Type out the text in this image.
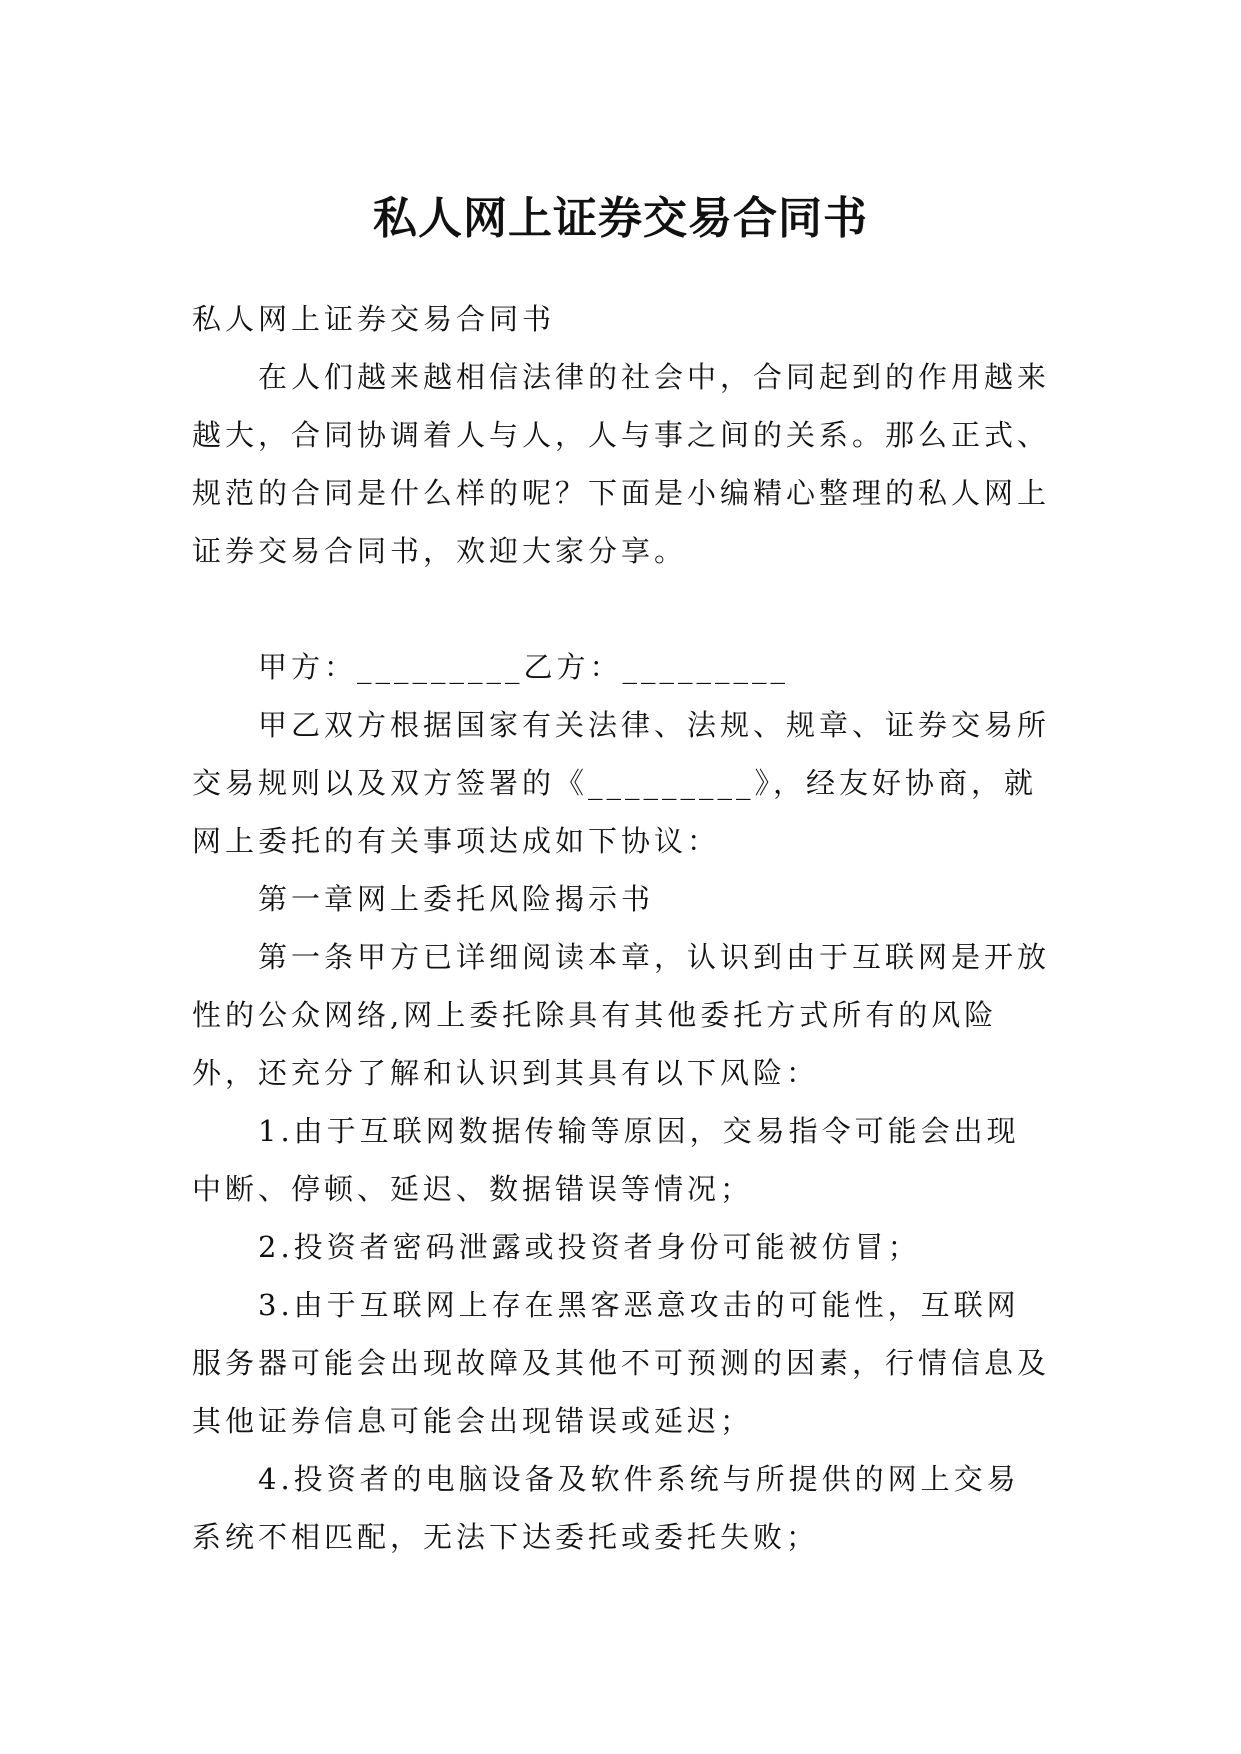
私人网上证券交易合同书

私人网上证券交易合同书

在人们越来越相信法律的社会中，合同起到的作用越来越大，合同协调着人与人，人与事之间的关系。那么正式、规范的合同是什么样的呢？下面是小编精心整理的私人网上证券交易合同书，欢迎大家分享。

甲方：_________乙方：_________

甲乙双方根据国家有关法律、法规、规章、证券交易所交易规则以及双方签署的《_________》，经友好协商，就网上委托的有关事项达成如下协议：

第一章网上委托风险揭示书

第一条甲方已详细阅读本章，认识到由于互联网是开放性的公众网络,网上委托除具有其他委托方式所有的风险外，还充分了解和认识到其具有以下风险：

1.由于互联网数据传输等原因，交易指令可能会出现中断、停顿、延迟、数据错误等情况；

2.投资者密码泄露或投资者身份可能被仿冒；

3.由于互联网上存在黑客恶意攻击的可能性，互联网服务器可能会出现故障及其他不可预测的因素，行情信息及其他证券信息可能会出现错误或延迟；

4.投资者的电脑设备及软件系统与所提供的网上交易系统不相匹配，无法下达委托或委托失败；
